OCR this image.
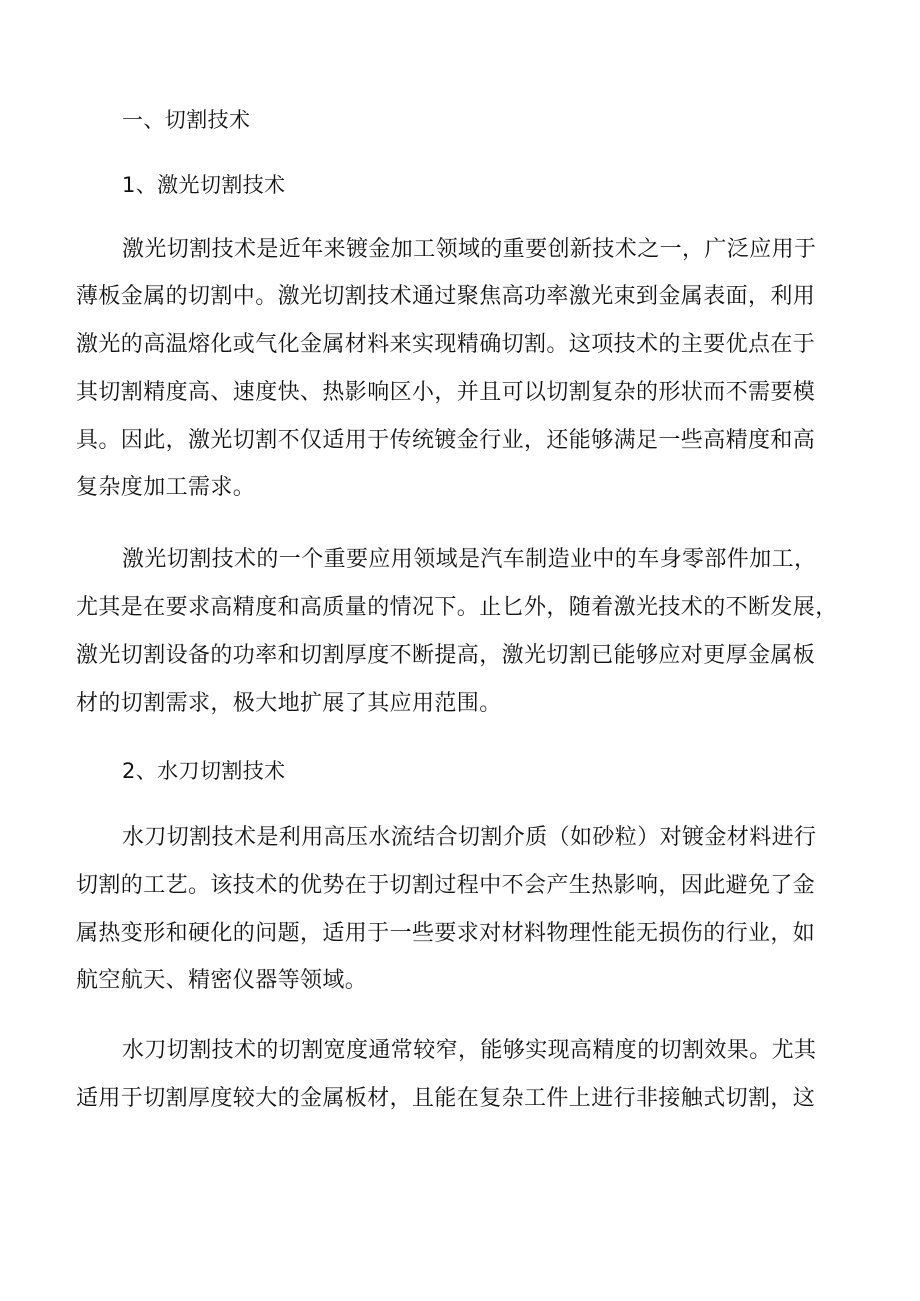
一、切割技术
1、激光切割技术
激光切割技术是近年来镀金加工领域的重要创新技术之一，广泛应用于
薄板金属的切割中。激光切割技术通过聚焦高功率激光束到金属表面，利用
激光的高温熔化或气化金属材料来实现精确切割。这项技术的主要优点在于
其切割精度高、速度快、热影响区小，并且可以切割复杂的形状而不需要模
具。因此，激光切割不仅适用于传统镀金行业，还能够满足一些高精度和高
复杂度加工需求。
激光切割技术的一个重要应用领域是汽车制造业中的车身零部件加工，
尤其是在要求高精度和高质量的情况下。止匕外，随着激光技术的不断发展，
激光切割设备的功率和切割厚度不断提高，激光切割已能够应对更厚金属板
材的切割需求，极大地扩展了其应用范围。
2、水刀切割技术
水刀切割技术是利用高压水流结合切割介质（如砂粒）对镀金材料进行
切割的工艺。该技术的优势在于切割过程中不会产生热影响，因此避免了金
属热变形和硬化的问题，适用于一些要求对材料物理性能无损伤的行业，如
航空航天、精密仪器等领域。
水刀切割技术的切割宽度通常较窄，能够实现高精度的切割效果。尤其
适用于切割厚度较大的金属板材，且能在复杂工件上进行非接触式切割，这
